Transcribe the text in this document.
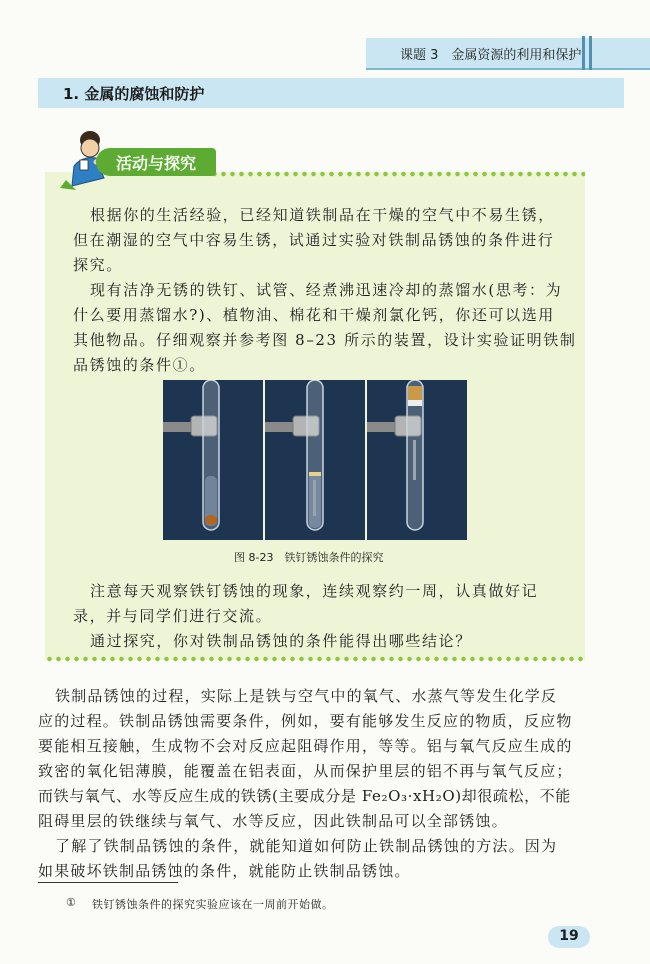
课题 3　金属资源的利用和保护
1. 金属的腐蚀和防护
活动与探究

根据你的生活经验，已经知道铁制品在干燥的空气中不易生锈，

但在潮湿的空气中容易生锈，试通过实验对铁制品锈蚀的条件进行

探究。

现有洁净无锈的铁钉、试管、经煮沸迅速冷却的蒸馏水(思考：为

什么要用蒸馏水?)、植物油、棉花和干燥剂氯化钙，你还可以选用

其他物品。仔细观察并参考图 8–23 所示的装置，设计实验证明铁制

品锈蚀的条件①。

图 8-23　铁钉锈蚀条件的探究

注意每天观察铁钉锈蚀的现象，连续观察约一周，认真做好记

录，并与同学们进行交流。

通过探究，你对铁制品锈蚀的条件能得出哪些结论？

铁制品锈蚀的过程，实际上是铁与空气中的氧气、水蒸气等发生化学反

应的过程。铁制品锈蚀需要条件，例如，要有能够发生反应的物质，反应物

要能相互接触，生成物不会对反应起阻碍作用，等等。铝与氧气反应生成的

致密的氧化铝薄膜，能覆盖在铝表面，从而保护里层的铝不再与氧气反应；

而铁与氧气、水等反应生成的铁锈(主要成分是 Fe₂O₃·xH₂O)却很疏松，不能

阻碍里层的铁继续与氧气、水等反应，因此铁制品可以全部锈蚀。

了解了铁制品锈蚀的条件，就能知道如何防止铁制品锈蚀的方法。因为

如果破坏铁制品锈蚀的条件，就能防止铁制品锈蚀。

① 铁钉锈蚀条件的探究实验应该在一周前开始做。
19
